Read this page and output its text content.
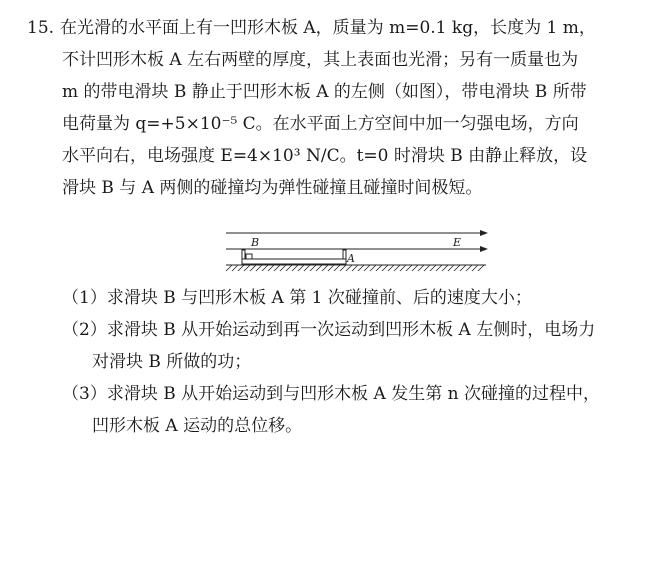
15. 在光滑的水平面上有一凹形木板 A，质量为 m=0.1 kg，长度为 1 m，
不计凹形木板 A 左右两壁的厚度，其上表面也光滑；另有一质量也为
m 的带电滑块 B 静止于凹形木板 A 的左侧（如图），带电滑块 B 所带
电荷量为 q=+5×10⁻⁵ C。在水平面上方空间中加一匀强电场，方向
水平向右，电场强度 E=4×10³ N/C。t=0 时滑块 B 由静止释放，设
滑块 B 与 A 两侧的碰撞均为弹性碰撞且碰撞时间极短。
E
B
A
（1）求滑块 B 与凹形木板 A 第 1 次碰撞前、后的速度大小；
（2）求滑块 B 从开始运动到再一次运动到凹形木板 A 左侧时，电场力
对滑块 B 所做的功；
（3）求滑块 B 从开始运动到与凹形木板 A 发生第 n 次碰撞的过程中，
凹形木板 A 运动的总位移。
